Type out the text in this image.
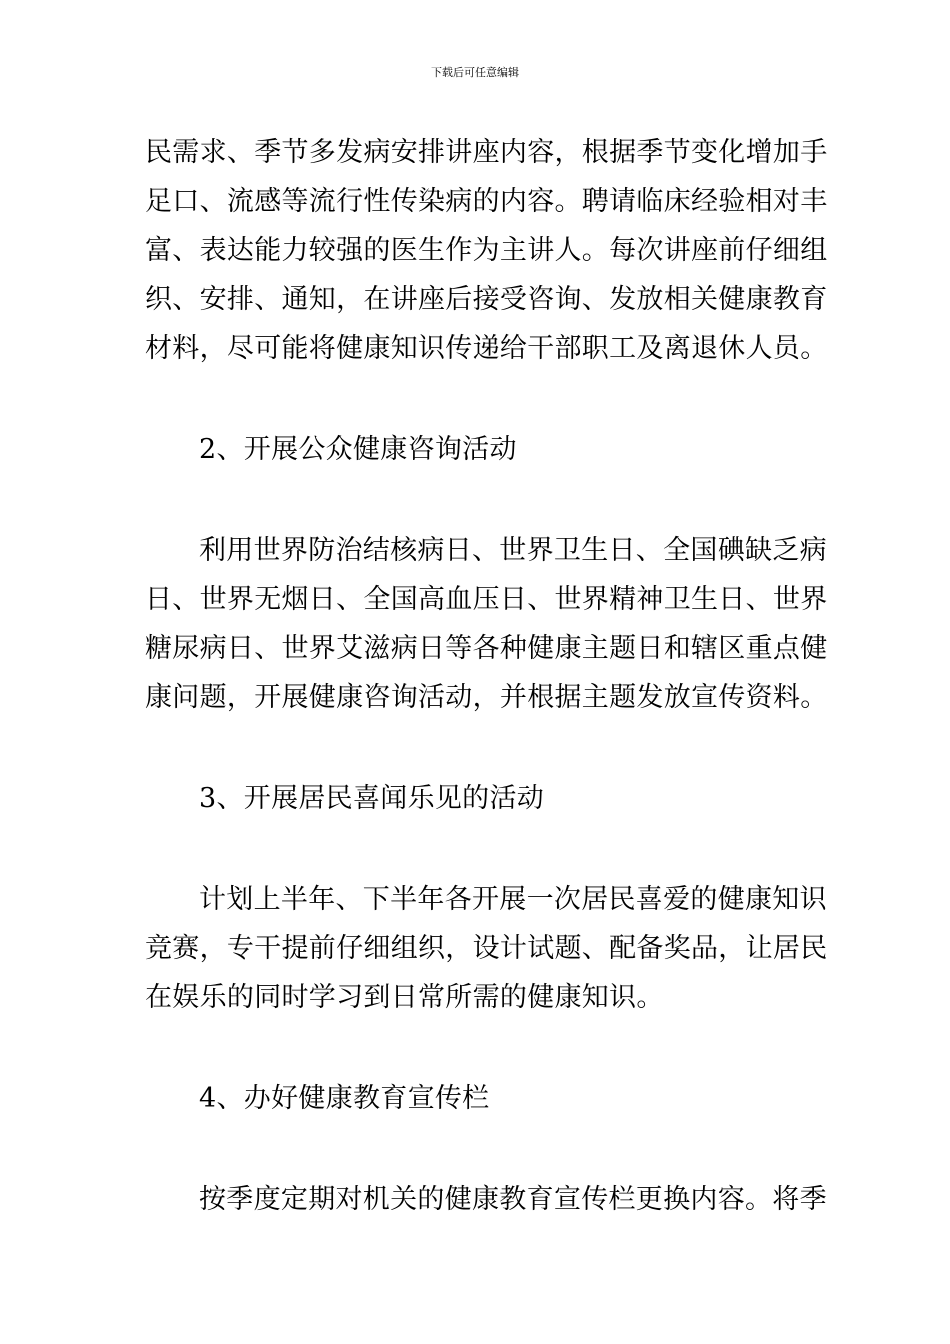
下载后可任意编辑
民需求、季节多发病安排讲座内容，根据季节变化增加手
足口、流感等流行性传染病的内容。聘请临床经验相对丰
富、表达能力较强的医生作为主讲人。每次讲座前仔细组
织、安排、通知，在讲座后接受咨询、发放相关健康教育
材料，尽可能将健康知识传递给干部职工及离退休人员。
2、开展公众健康咨询活动
利用世界防治结核病日、世界卫生日、全国碘缺乏病
日、世界无烟日、全国高血压日、世界精神卫生日、世界
糖尿病日、世界艾滋病日等各种健康主题日和辖区重点健
康问题，开展健康咨询活动，并根据主题发放宣传资料。
3、开展居民喜闻乐见的活动
计划上半年、下半年各开展一次居民喜爱的健康知识
竞赛，专干提前仔细组织，设计试题、配备奖品，让居民
在娱乐的同时学习到日常所需的健康知识。
4、办好健康教育宣传栏
按季度定期对机关的健康教育宣传栏更换内容。将季
